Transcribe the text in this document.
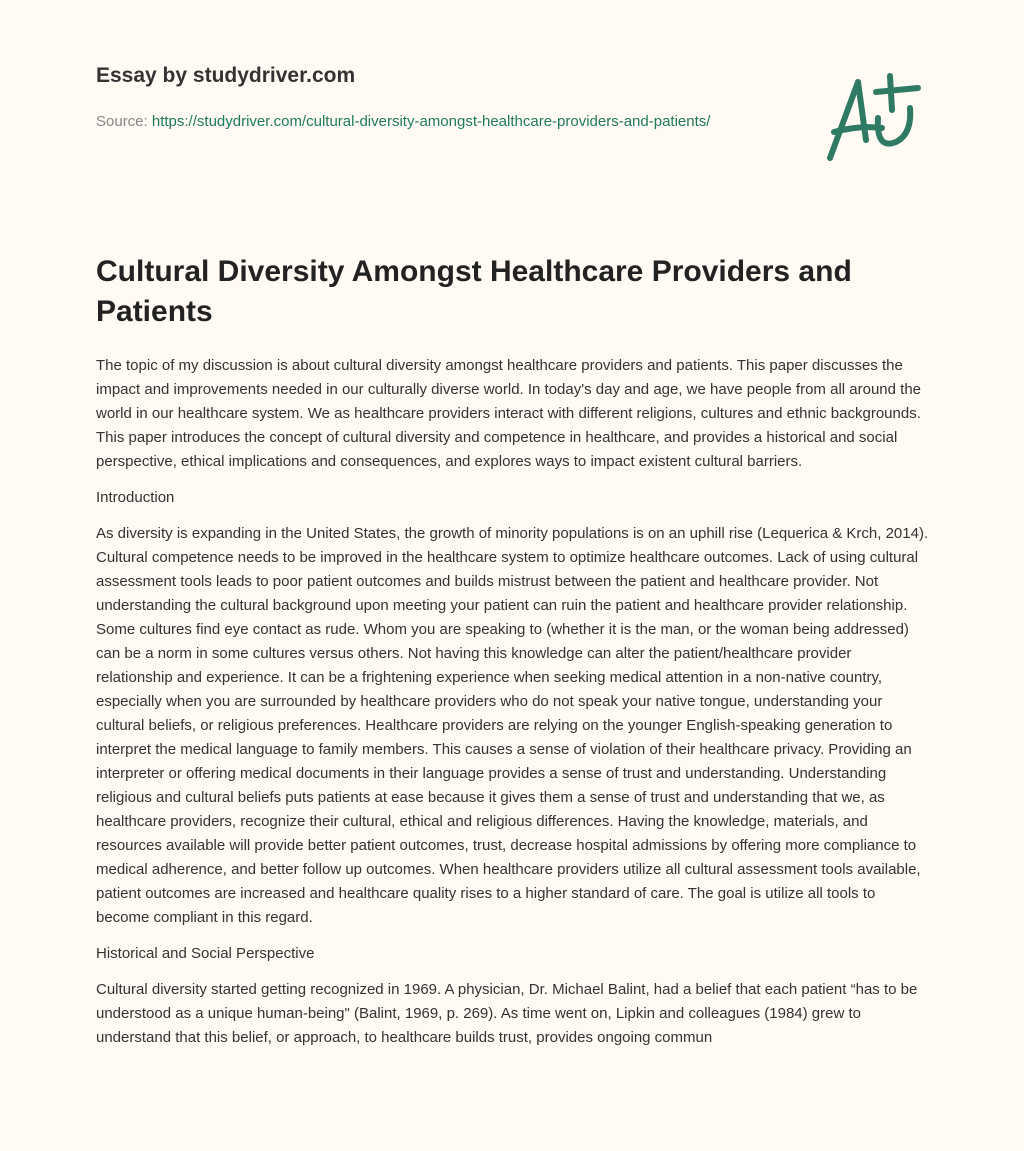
Essay by studydriver.com
Source: https://studydriver.com/cultural-diversity-amongst-healthcare-providers-and-patients/
Cultural Diversity Amongst Healthcare Providers and Patients

The topic of my discussion is about cultural diversity amongst healthcare providers and patients. This paper discusses the impact and improvements needed in our culturally diverse world. In today's day and age, we have people from all around the world in our healthcare system. We as healthcare providers interact with different religions, cultures and ethnic backgrounds. This paper introduces the concept of cultural diversity and competence in healthcare, and provides a historical and social perspective, ethical implications and consequences, and explores ways to impact existent cultural barriers.

Introduction

As diversity is expanding in the United States, the growth of minority populations is on an uphill rise (Lequerica & Krch, 2014). Cultural competence needs to be improved in the healthcare system to optimize healthcare outcomes. Lack of using cultural assessment tools leads to poor patient outcomes and builds mistrust between the patient and healthcare provider. Not understanding the cultural background upon meeting your patient can ruin the patient and healthcare provider relationship. Some cultures find eye contact as rude. Whom you are speaking to (whether it is the man, or the woman being addressed) can be a norm in some cultures versus others. Not having this knowledge can alter the patient/healthcare provider relationship and experience. It can be a frightening experience when seeking medical attention in a non-native country, especially when you are surrounded by healthcare providers who do not speak your native tongue, understanding your cultural beliefs, or religious preferences. Healthcare providers are relying on the younger English-speaking generation to interpret the medical language to family members. This causes a sense of violation of their healthcare privacy. Providing an interpreter or offering medical documents in their language provides a sense of trust and understanding. Understanding religious and cultural beliefs puts patients at ease because it gives them a sense of trust and understanding that we, as healthcare providers, recognize their cultural, ethical and religious differences. Having the knowledge, materials, and resources available will provide better patient outcomes, trust, decrease hospital admissions by offering more compliance to medical adherence, and better follow up outcomes. When healthcare providers utilize all cultural assessment tools available, patient outcomes are increased and healthcare quality rises to a higher standard of care. The goal is utilize all tools to become compliant in this regard.

Historical and Social Perspective

Cultural diversity started getting recognized in 1969. A physician, Dr. Michael Balint, had a belief that each patient “has to be understood as a unique human-being" (Balint, 1969, p. 269). As time went on, Lipkin and colleagues (1984) grew to understand that this belief, or approach, to healthcare builds trust, provides ongoing commun
